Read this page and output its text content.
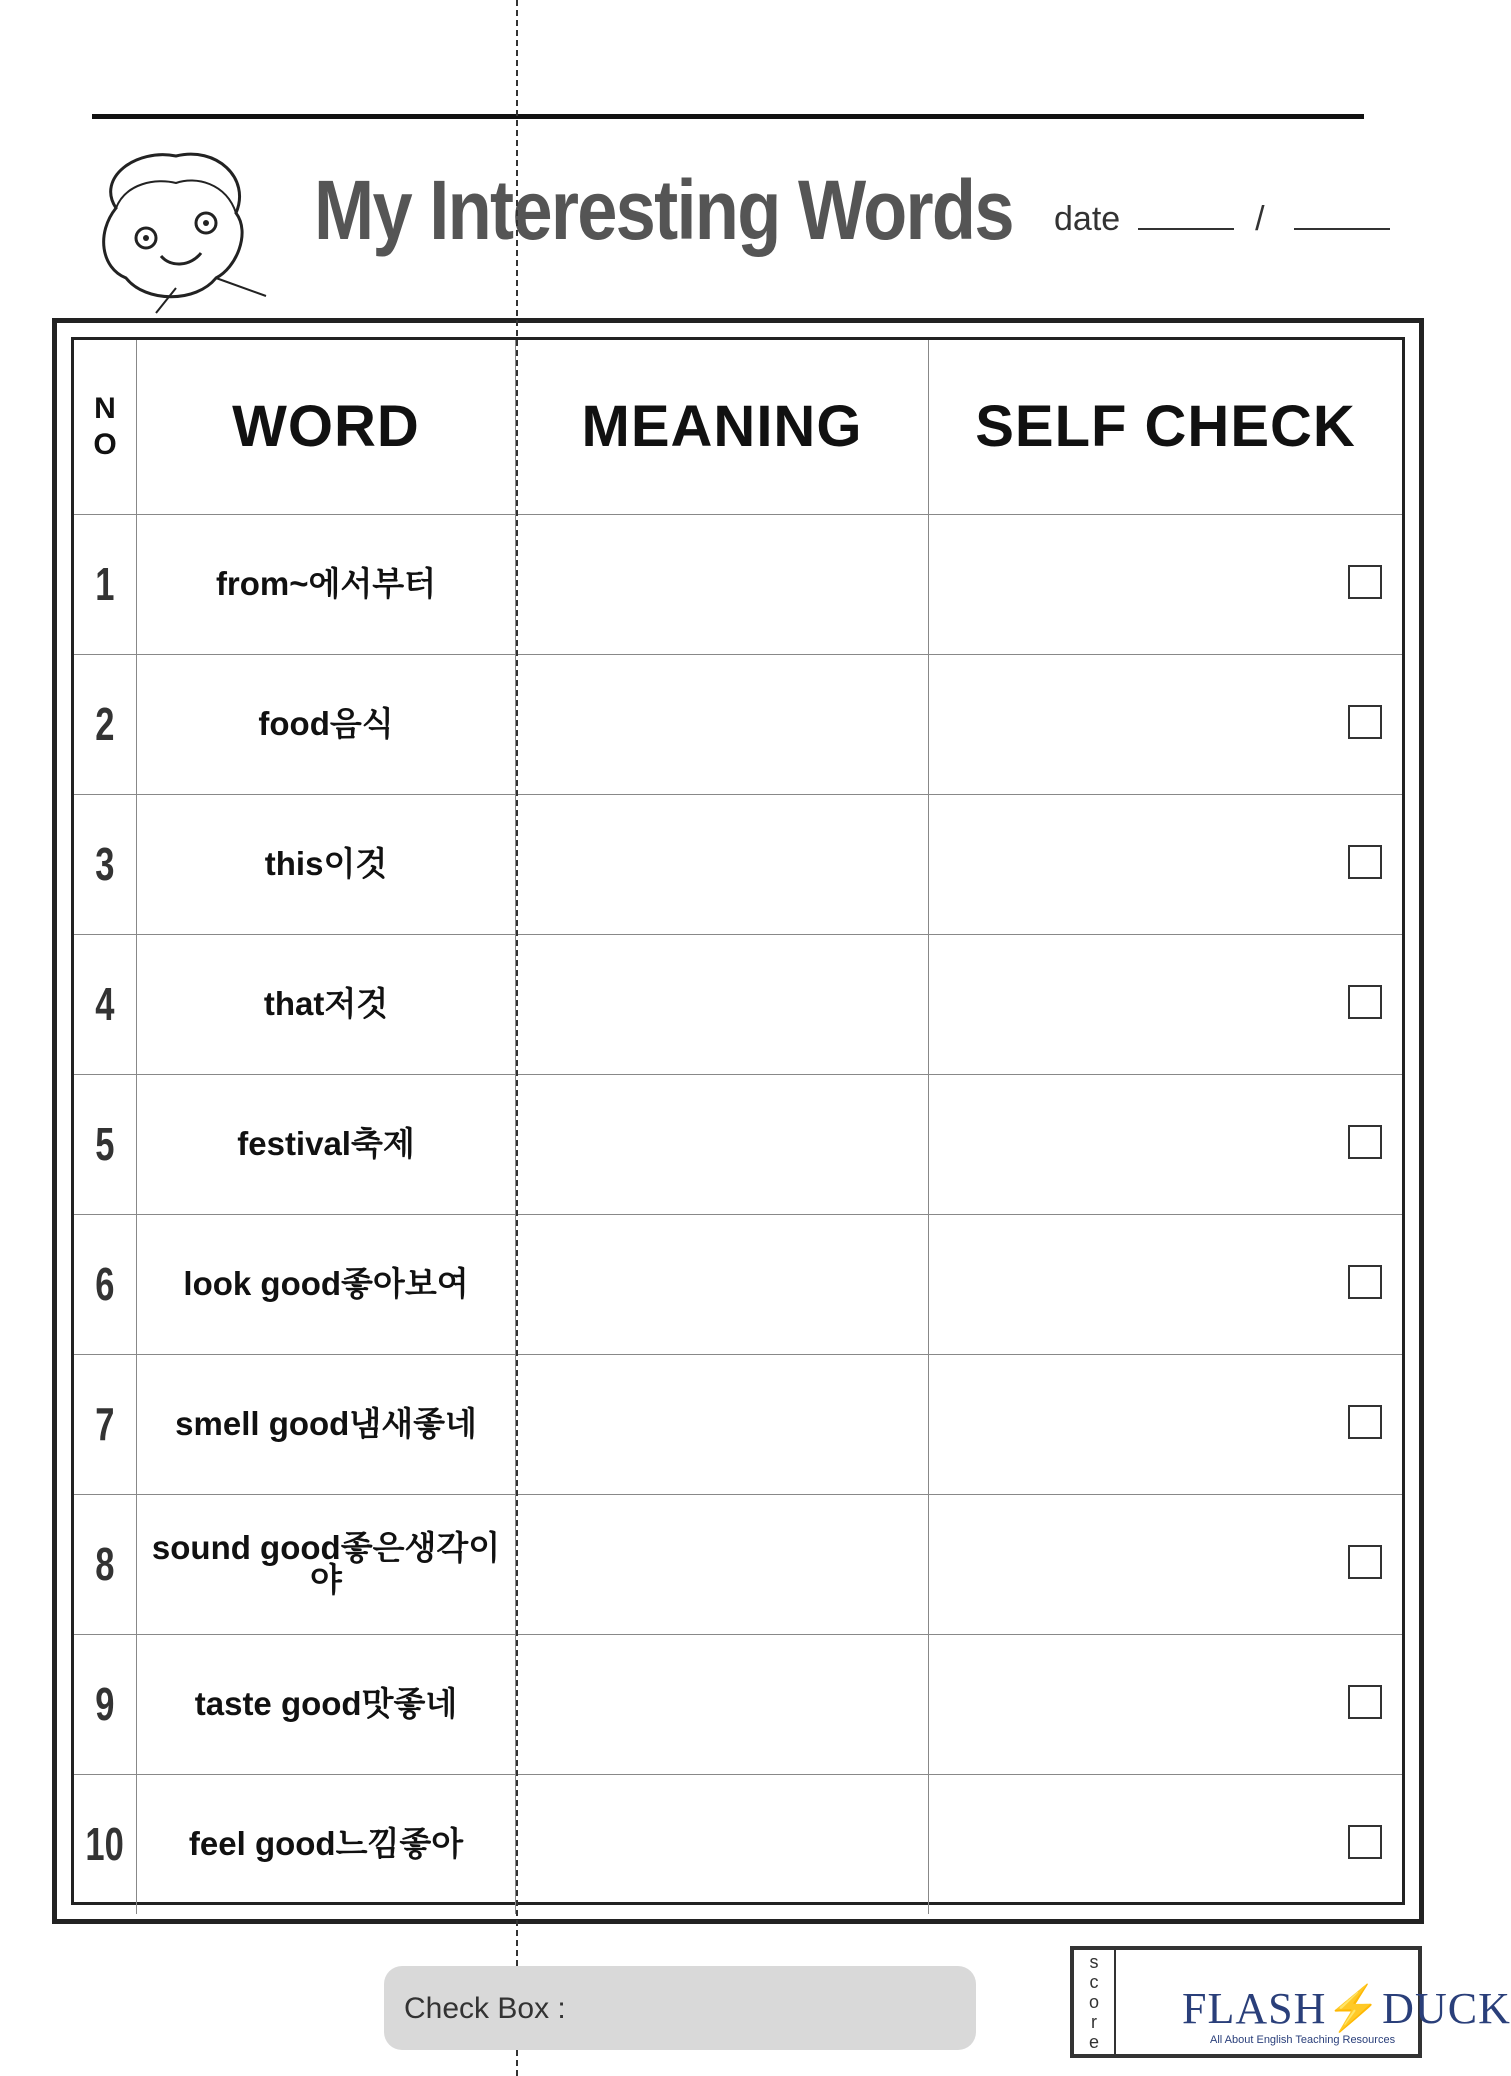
My Interesting Words date	/
N
O	WORD	MEANING	SELF CHECK
1	from~에서부터		

2	food음식		

3	this이것		

4	that저것		

5	festival축제		

6	look good좋아보여		

7	smell good냄새좋네		

8	sound good좋은생각이야		

9	taste good맛좋네		

10	feel good느낌좋아		
Check Box :
s
c
o
r
e
FLASH⚡DUCK
All About English Teaching Resources
